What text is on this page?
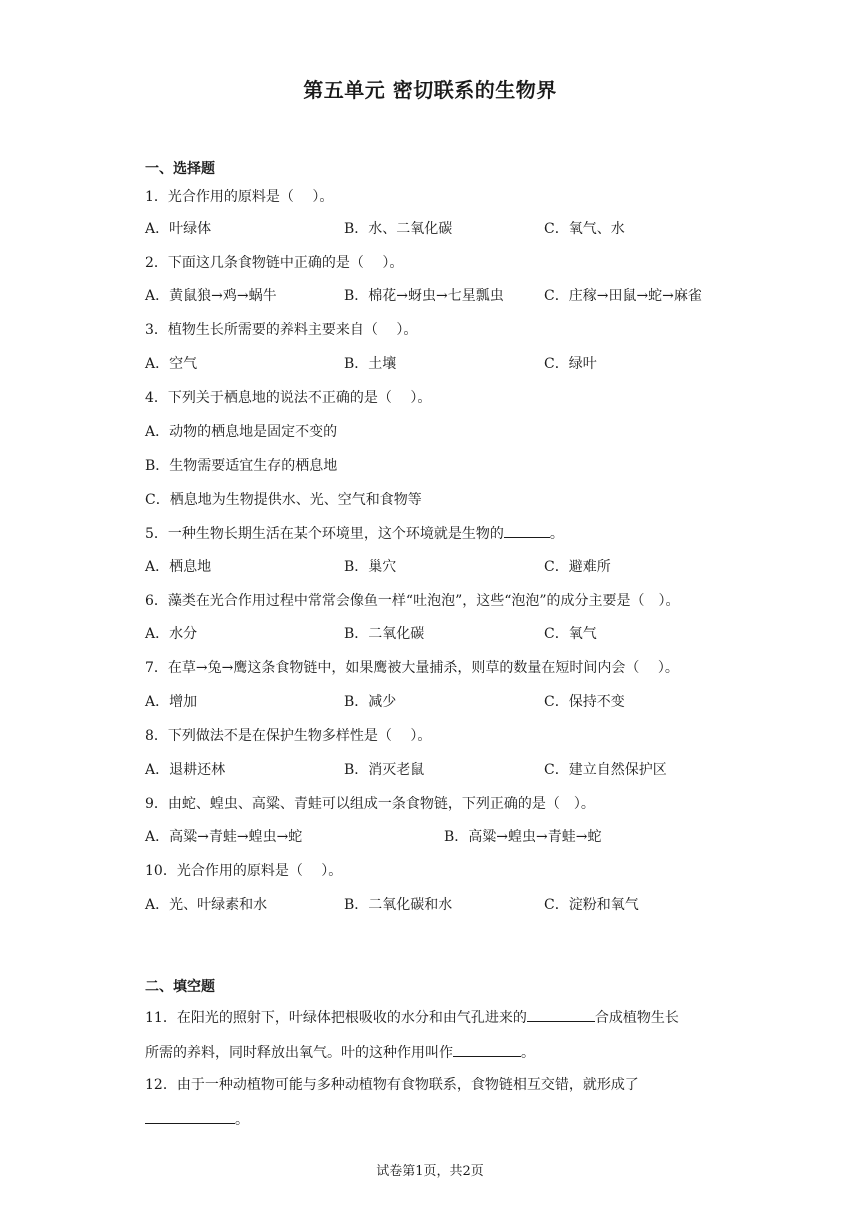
第五单元 密切联系的生物界
一、选择题
1．光合作用的原料是（　 ）。
A．叶绿体	B．水、二氧化碳	C．氧气、水
2．下面这几条食物链中正确的是（　 ）。
A．黄鼠狼→鸡→蜗牛	B．棉花→蚜虫→七星瓢虫	C．庄稼→田鼠→蛇→麻雀
3．植物生长所需要的养料主要来自（　 ）。
A．空气	B．土壤	C．绿叶
4．下列关于栖息地的说法不正确的是（　 ）。
A．动物的栖息地是固定不变的
B．生物需要适宜生存的栖息地
C．栖息地为生物提供水、光、空气和食物等
5．一种生物长期生活在某个环境里，这个环境就是生物的	。
A．栖息地	B．巢穴	C．避难所
6．藻类在光合作用过程中常常会像鱼一样“吐泡泡”，这些“泡泡”的成分主要是（　）。
A．水分	B．二氧化碳	C．氧气
7．在草→兔→鹰这条食物链中，如果鹰被大量捕杀，则草的数量在短时间内会（　 ）。
A．增加	B．减少	C．保持不变
8．下列做法不是在保护生物多样性是（　 ）。
A．退耕还林	B．消灭老鼠	C．建立自然保护区
9．由蛇、蝗虫、高粱、青蛙可以组成一条食物链，下列正确的是（　）。
A．高粱→青蛙→蝗虫→蛇	B．高粱→蝗虫→青蛙→蛇
10．光合作用的原料是（　 ）。
A．光、叶绿素和水	B．二氧化碳和水	C．淀粉和氧气
二、填空题
11．在阳光的照射下，叶绿体把根吸收的水分和由气孔进来的	合成植物生长
所需的养料，同时释放出氧气。叶的这种作用叫作	。
12．由于一种动植物可能与多种动植物有食物联系，食物链相互交错，就形成了
。
试卷第1页，共2页
